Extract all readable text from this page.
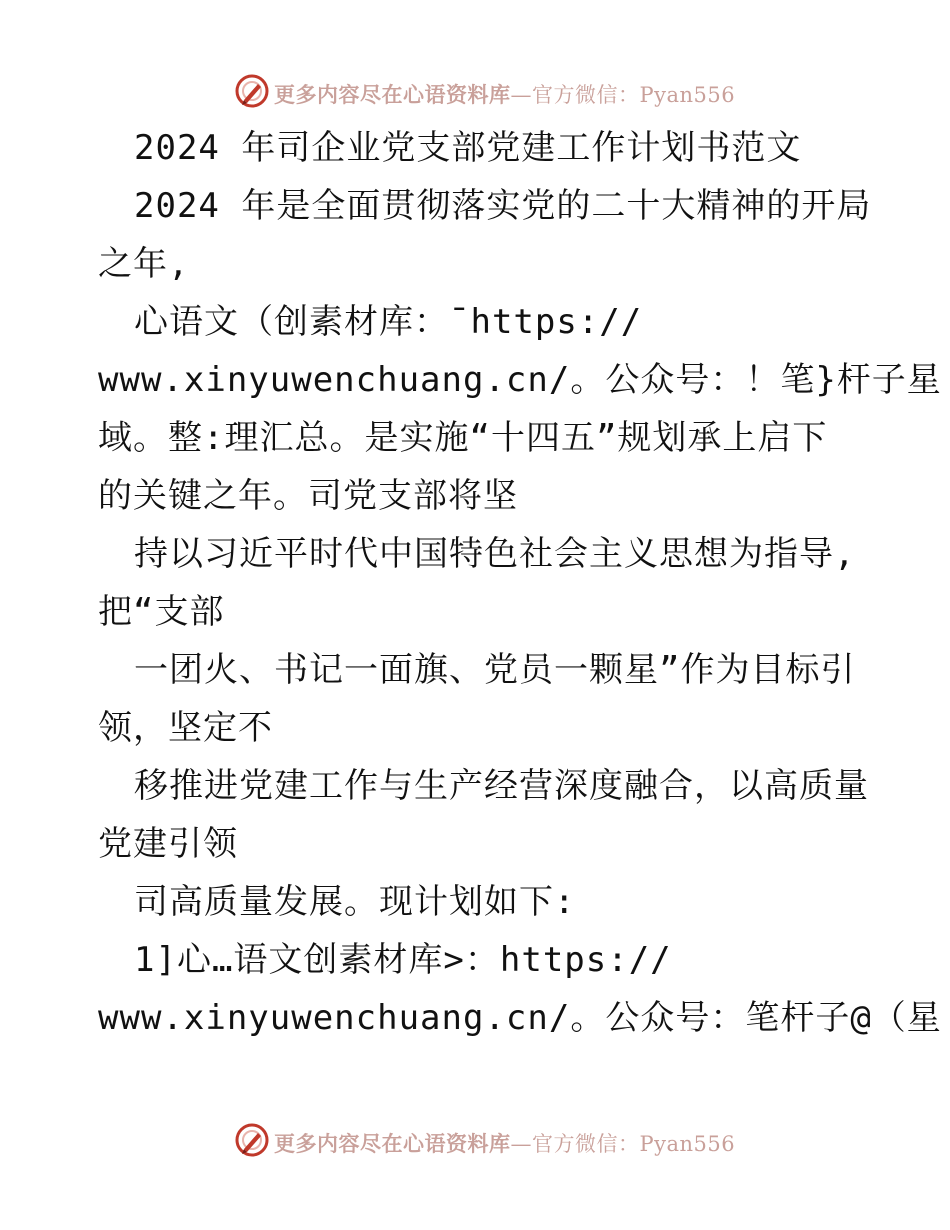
更多内容尽在心语资料库—官方微信：Pyan556
2024 年司企业党支部党建工作计划书范文
2024 年是全面贯彻落实党的二十大精神的开局
之年,
心语文（创素材库：¯https://
www.xinyuwenchuang.cn/。公众号：！笔}杆子星
域。整:理汇总。是实施“十四五”规划承上启下
的关键之年。司党支部将坚
持以习近平时代中国特色社会主义思想为指导,
把“支部
一团火、书记一面旗、党员一颗星”作为目标引
领，坚定不
移推进党建工作与生产经营深度融合，以高质量
党建引领
司高质量发展。现计划如下:
1]心…语文创素材库>：https://
www.xinyuwenchuang.cn/。公众号：笔杆子@（星
更多内容尽在心语资料库—官方微信：Pyan556
